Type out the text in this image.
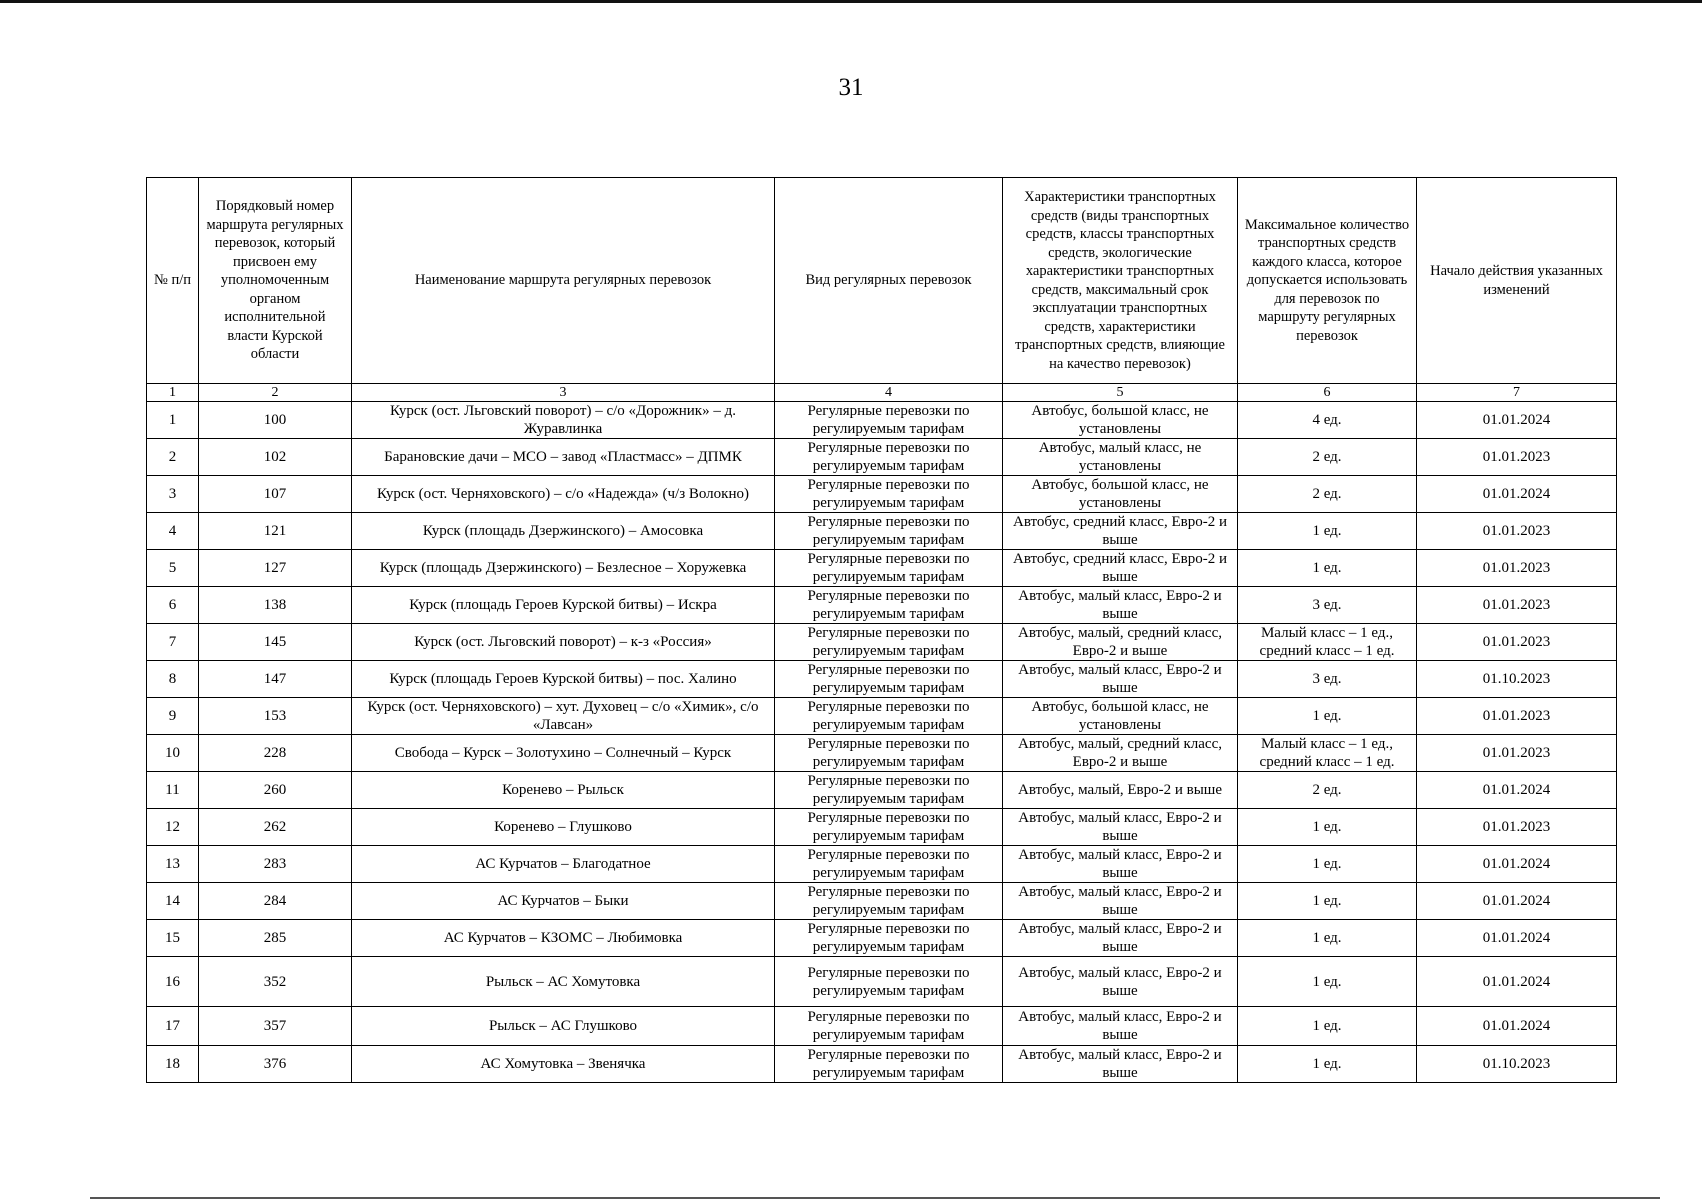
31
№ п/п	Порядковый номер маршрута регулярных перевозок, который присвоен ему уполномоченным органом исполнительной власти Курской области	Наименование маршрута регулярных перевозок	Вид регулярных перевозок	Характеристики транспортных средств (виды транспортных средств, классы транспортных средств, экологические характеристики транспортных средств, максимальный срок эксплуатации транспортных средств, характеристики транспортных средств, влияющие на качество перевозок)	Максимальное количество транспортных средств каждого класса, которое допускается использовать для перевозок по маршруту регулярных перевозок	Начало действия указанных изменений
1	2	3	4	5	6	7
1	100	Курск (ост. Льговский поворот) – с/о «Дорожник» – д. Журавлинка	Регулярные перевозки по регулируемым тарифам	Автобус, большой класс, не установлены	4 ед.	01.01.2024
2	102	Барановские дачи – МСО – завод «Пластмасс» – ДПМК	Регулярные перевозки по регулируемым тарифам	Автобус, малый класс, не установлены	2 ед.	01.01.2023
3	107	Курск (ост. Черняховского) – с/о «Надежда» (ч/з Волокно)	Регулярные перевозки по регулируемым тарифам	Автобус, большой класс, не установлены	2 ед.	01.01.2024
4	121	Курск (площадь Дзержинского) – Амосовка	Регулярные перевозки по регулируемым тарифам	Автобус, средний класс, Евро-2 и выше	1 ед.	01.01.2023
5	127	Курск (площадь Дзержинского) – Безлесное – Хоружевка	Регулярные перевозки по регулируемым тарифам	Автобус, средний класс, Евро-2 и выше	1 ед.	01.01.2023
6	138	Курск (площадь Героев Курской битвы) – Искра	Регулярные перевозки по регулируемым тарифам	Автобус, малый класс, Евро-2 и выше	3 ед.	01.01.2023
7	145	Курск (ост. Льговский поворот) – к-з «Россия»	Регулярные перевозки по регулируемым тарифам	Автобус, малый, средний класс, Евро-2 и выше	Малый класс – 1 ед., средний класс – 1 ед.	01.01.2023
8	147	Курск (площадь Героев Курской битвы) – пос. Халино	Регулярные перевозки по регулируемым тарифам	Автобус, малый класс, Евро-2 и выше	3 ед.	01.10.2023
9	153	Курск (ост. Черняховского) – хут. Духовец – с/о «Химик», с/о «Лавсан»	Регулярные перевозки по регулируемым тарифам	Автобус, большой класс, не установлены	1 ед.	01.01.2023
10	228	Свобода – Курск – Золотухино – Солнечный – Курск	Регулярные перевозки по регулируемым тарифам	Автобус, малый, средний класс, Евро-2 и выше	Малый класс – 1 ед., средний класс – 1 ед.	01.01.2023
11	260	Коренево – Рыльск	Регулярные перевозки по регулируемым тарифам	Автобус, малый, Евро-2 и выше	2 ед.	01.01.2024
12	262	Коренево – Глушково	Регулярные перевозки по регулируемым тарифам	Автобус, малый класс, Евро-2 и выше	1 ед.	01.01.2023
13	283	АС Курчатов – Благодатное	Регулярные перевозки по регулируемым тарифам	Автобус, малый класс, Евро-2 и выше	1 ед.	01.01.2024
14	284	АС Курчатов – Быки	Регулярные перевозки по регулируемым тарифам	Автобус, малый класс, Евро-2 и выше	1 ед.	01.01.2024
15	285	АС Курчатов – КЗОМС – Любимовка	Регулярные перевозки по регулируемым тарифам	Автобус, малый класс, Евро-2 и выше	1 ед.	01.01.2024
16	352	Рыльск – АС Хомутовка	Регулярные перевозки по регулируемым тарифам	Автобус, малый класс, Евро-2 и выше	1 ед.	01.01.2024
17	357	Рыльск – АС Глушково	Регулярные перевозки по регулируемым тарифам	Автобус, малый класс, Евро-2 и выше	1 ед.	01.01.2024
18	376	АС Хомутовка – Звенячка	Регулярные перевозки по регулируемым тарифам	Автобус, малый класс, Евро-2 и выше	1 ед.	01.10.2023
